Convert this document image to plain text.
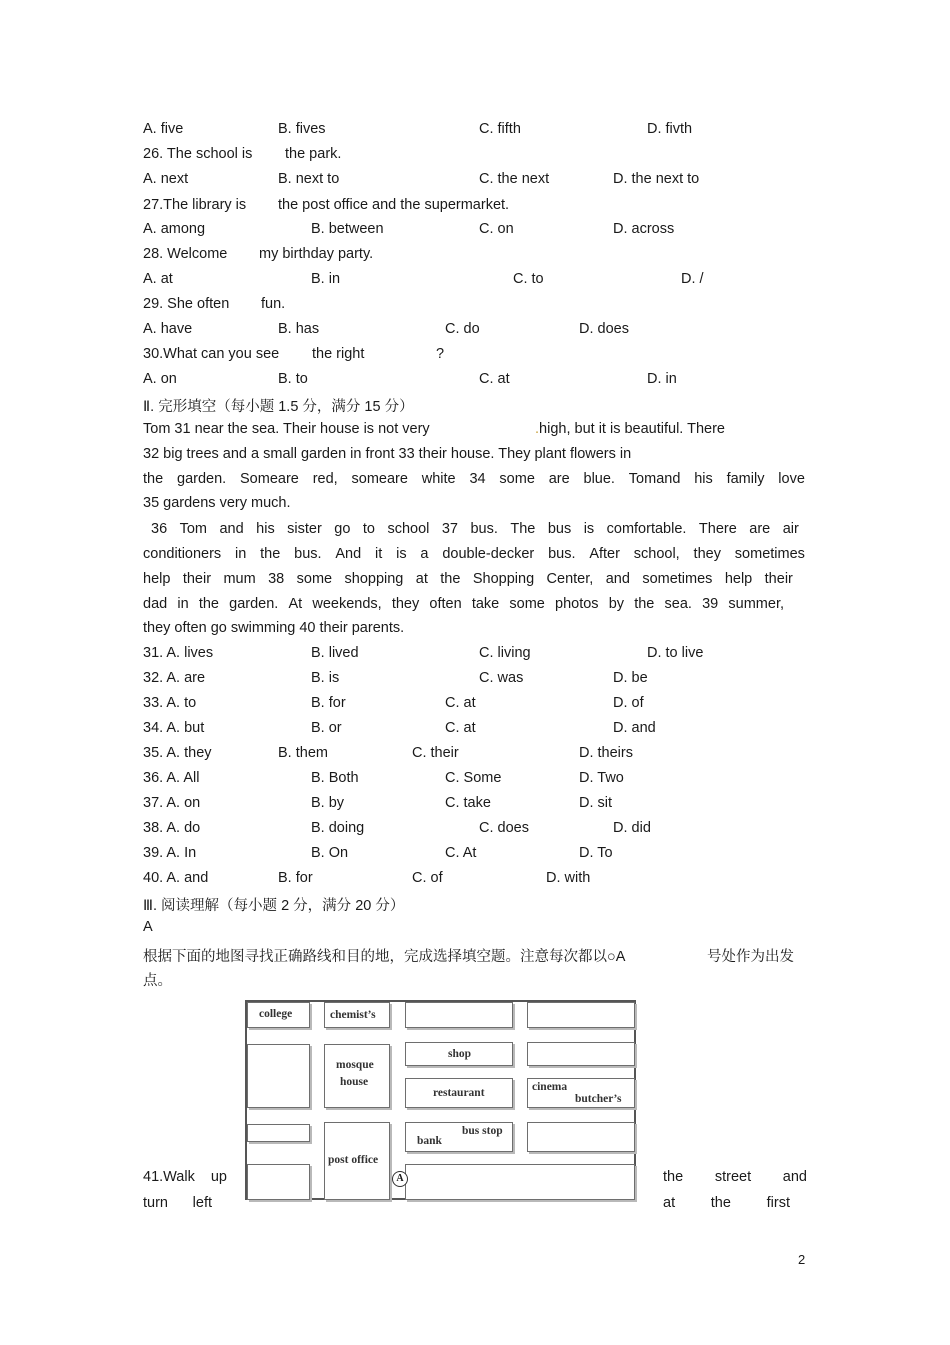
A. five	B. fives	C. fifth	D. fivth
26. The school is the park.
A. next	B. next to	C. the next	D. the next to
27.The library is the post office and the supermarket.
A. among	B. between	C. on	D. across
28. Welcome my birthday party.
A. at	B. in	C. to	D. /
29. She often fun.
A. have	B. has	C. do	D. does
30.What can you see the right	?
A. on	B. to	C. at	D. in
Ⅱ. 完形填空（每小题 1.5 分，满分 15 分）
Tom 31 near the sea. Their house is not very	.high, but it is beautiful. There
32 big trees and a small garden in front 33 their house. They plant flowers in
the garden. Someare red, someare white 34 some are blue. Tomand his family love
35 gardens very much.
36 Tom and his sister go to school 37 bus. The bus is comfortable. There are air
conditioners in the bus. And it is a double-decker bus. After school, they sometimes
help their mum 38 some shopping at the Shopping Center, and sometimes help their
dad in the garden. At weekends, they often take some photos by the sea. 39 summer,
they often go swimming 40 their parents.
31. A. lives	B. lived	C. living	D. to live
32. A. are	B. is	C. was	D. be
33. A. to	B. for	C. at	D. of
34. A. but	B. or	C. at	D. and
35. A. they	B. them	C. their	D. theirs
36. A. All	B. Both	C. Some	D. Two
37. A. on	B. by	C. take	D. sit
38. A. do	B. doing	C. does	D. did
39. A. In	B. On	C. At	D. To
40. A. and	B. for	C. of	D. with
Ⅲ. 阅读理解（每小题 2 分，满分 20 分）
A
根据下面的地图寻找正确路线和目的地，完成选择填空题。注意每次都以○A	号处作为出发
点。
college	chemist’s
mosque
house
shop
restaurant	cinema
butcher’s
post office
bus stop
bank
A
41.Walk up	the street and
turn left	at the first
2
